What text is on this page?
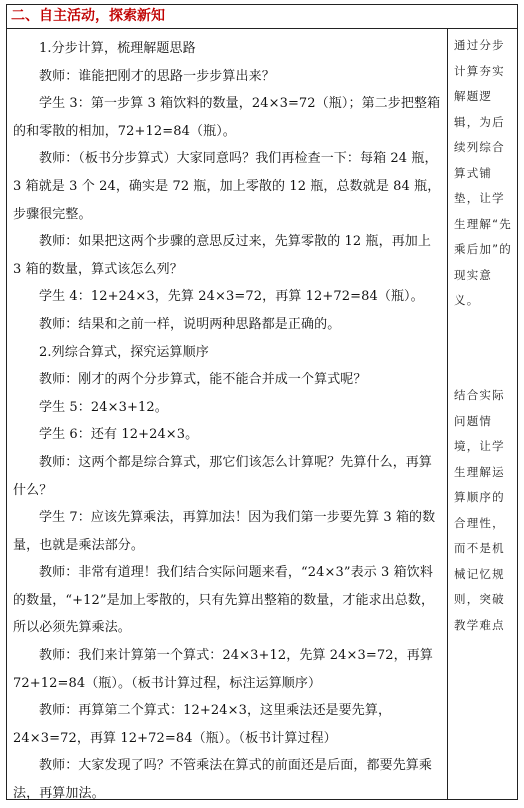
二、自主活动，探索新知

1.分步计算，梳理解题思路

教师：谁能把刚才的思路一步步算出来？

学生 3：第一步算 3 箱饮料的数量，24×3=72（瓶）；第二步把整箱的和零散的相加，72+12=84（瓶）。

教师：（板书分步算式）大家同意吗？我们再检查一下：每箱 24 瓶，3 箱就是 3 个 24，确实是 72 瓶，加上零散的 12 瓶，总数就是 84 瓶，步骤很完整。

教师：如果把这两个步骤的意思反过来，先算零散的 12 瓶，再加上 3 箱的数量，算式该怎么列？

学生 4：12+24×3，先算 24×3=72，再算 12+72=84（瓶）。

教师：结果和之前一样，说明两种思路都是正确的。

2.列综合算式，探究运算顺序

教师：刚才的两个分步算式，能不能合并成一个算式呢？

学生 5：24×3+12。

学生 6：还有 12+24×3。

教师：这两个都是综合算式，那它们该怎么计算呢？先算什么，再算什么？

学生 7：应该先算乘法，再算加法！因为我们第一步要先算 3 箱的数量，也就是乘法部分。

教师：非常有道理！我们结合实际问题来看，“24×3”表示 3 箱饮料的数量，“+12”是加上零散的，只有先算出整箱的数量，才能求出总数，所以必须先算乘法。

教师：我们来计算第一个算式：24×3+12，先算 24×3=72，再算 72+12=84（瓶）。（板书计算过程，标注运算顺序）

教师：再算第二个算式：12+24×3，这里乘法还是要先算，24×3=72，再算 12+72=84（瓶）。（板书计算过程）

教师：大家发现了吗？不管乘法在算式的前面还是后面，都要先算乘法，再算加法。

通过分步计算夯实解题逻辑，为后续列综合算式铺垫，让学生理解“先乘后加”的现实意义。
结合实际问题情境，让学生理解运算顺序的合理性，而不是机械记忆规则，突破教学难点
